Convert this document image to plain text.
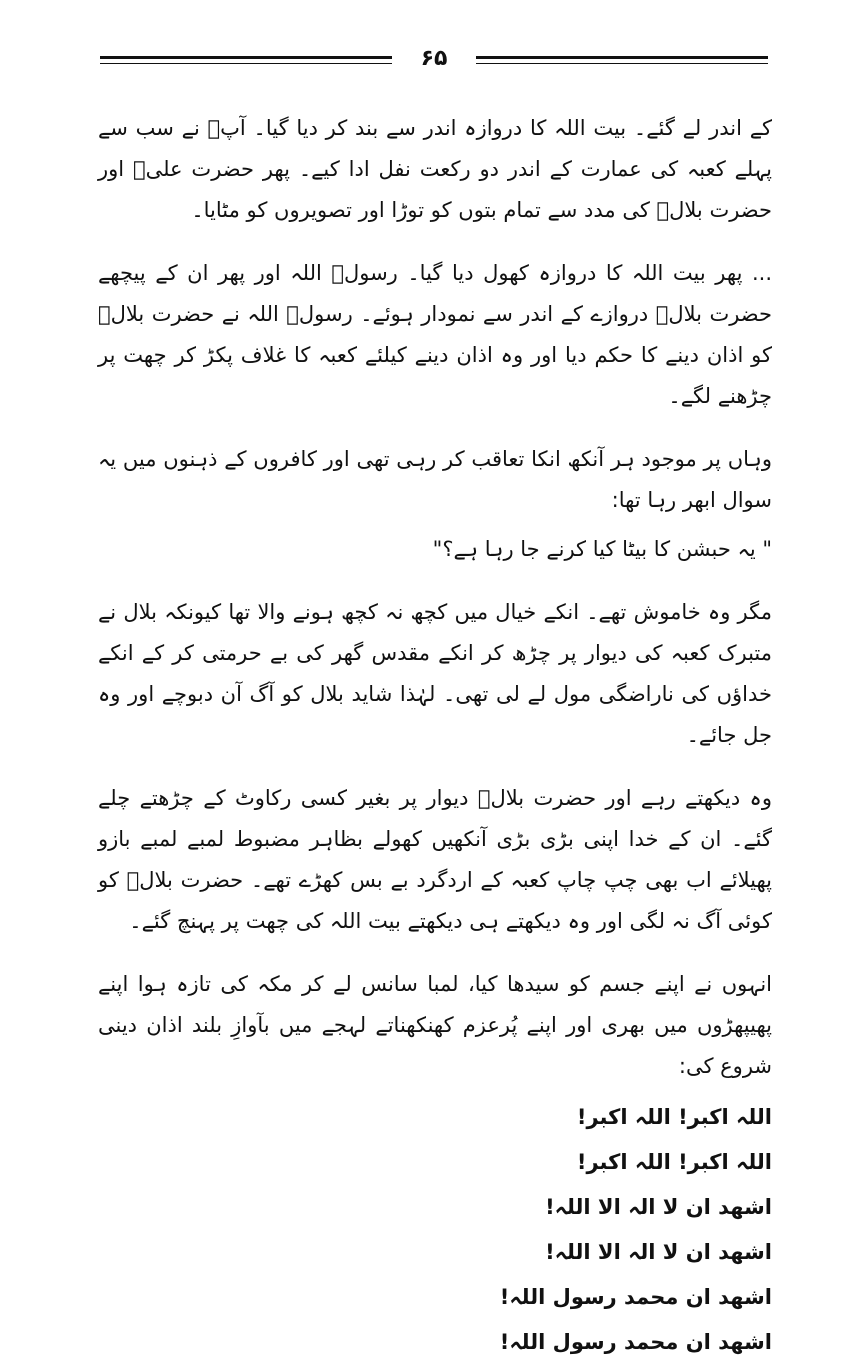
۶۵

کے اندر لے گئے۔ بیت اللہ کا دروازہ اندر سے بند کر دیا گیا۔ آپؐ نے سب سے پہلے کعبہ کی عمارت کے اندر دو رکعت نفل ادا کیے۔ پھر حضرت علیؓ اور حضرت بلالؓ کی مدد سے تمام بتوں کو توڑا اور تصویروں کو مٹایا۔

... پھر بیت اللہ کا دروازہ کھول دیا گیا۔ رسولؐ اللہ اور پھر ان کے پیچھے حضرت بلالؓ دروازے کے اندر سے نمودار ہوئے۔ رسولؐ اللہ نے حضرت بلالؓ کو اذان دینے کا حکم دیا اور وہ اذان دینے کیلئے کعبہ کا غلاف پکڑ کر چھت پر چڑھنے لگے۔

وہاں پر موجود ہر آنکھ انکا تعاقب کر رہی تھی اور کافروں کے ذہنوں میں یہ سوال ابھر رہا تھا:

" یہ حبشن کا بیٹا کیا کرنے جا رہا ہے؟"

مگر وہ خاموش تھے۔ انکے خیال میں کچھ نہ کچھ ہونے والا تھا کیونکہ بلال نے متبرک کعبہ کی دیوار پر چڑھ کر انکے مقدس گھر کی بے حرمتی کر کے انکے خداؤں کی ناراضگی مول لے لی تھی۔ لہٰذا شاید بلال کو آگ آن دبوچے اور وہ جل جائے۔

وہ دیکھتے رہے اور حضرت بلالؓ دیوار پر بغیر کسی رکاوٹ کے چڑھتے چلے گئے۔ ان کے خدا اپنی بڑی بڑی آنکھیں کھولے بظاہر مضبوط لمبے لمبے بازو پھیلائے اب بھی چپ چاپ کعبہ کے اردگرد بے بس کھڑے تھے۔ حضرت بلالؓ کو کوئی آگ نہ لگی اور وہ دیکھتے ہی دیکھتے بیت اللہ کی چھت پر پہنچ گئے۔

انہوں نے اپنے جسم کو سیدھا کیا، لمبا سانس لے کر مکہ کی تازہ ہوا اپنے پھیپھڑوں میں بھری اور اپنے پُرعزم کھنکھناتے لہجے میں بآوازِ بلند اذان دینی شروع کی:

اللہ اکبر! اللہ اکبر!

اللہ اکبر! اللہ اکبر!

اشھد ان لا الہ الا اللہ!

اشھد ان لا الہ الا اللہ!

اشھد ان محمد رسول اللہ!

اشھد ان محمد رسول اللہ!
